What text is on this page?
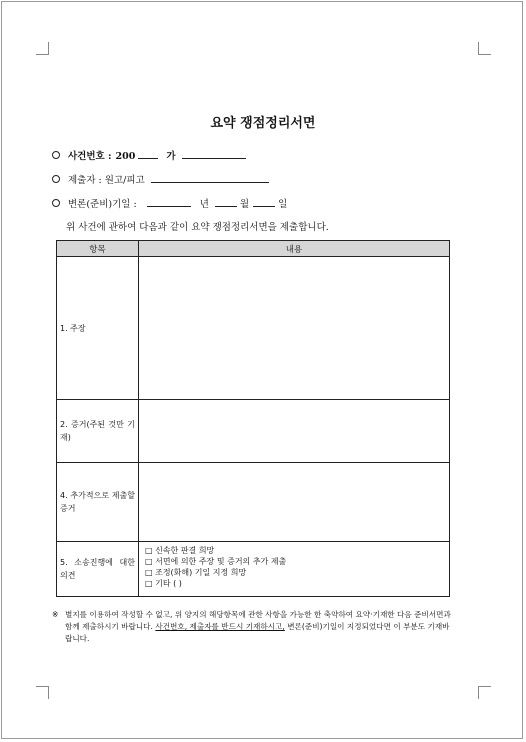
요약 쟁점정리서면
사건번호 : 200	가
제출자 : 원고/피고
변론(준비)기일 :	년	월	일
위 사건에 관하여 다음과 같이 요약 쟁점정리서면을 제출합니다.
항목	내용
1. 주장	
2. 증거(주된 것만 기재)	
4. 추가적으로 제출할 증거	
5. 소송진행에 대한 의견	□ 신속한 판결 희망
□ 서면에 의한 주장 및 증거의 추가 제출
□ 조정(화해) 기일 지정 희망
□ 기타 ( )
※ 별지를 이용하여 작성할 수 없고, 위 양지의 해당항목에 관한 사항을 가능한 한 축약하여 요약·기재한 다음 준비서면과 함께 제출하시기 바랍니다. 사건번호, 제출자를 반드시 기재하시고, 변론(준비)기일이 지정되었다면 이 부분도 기재바랍니다.
